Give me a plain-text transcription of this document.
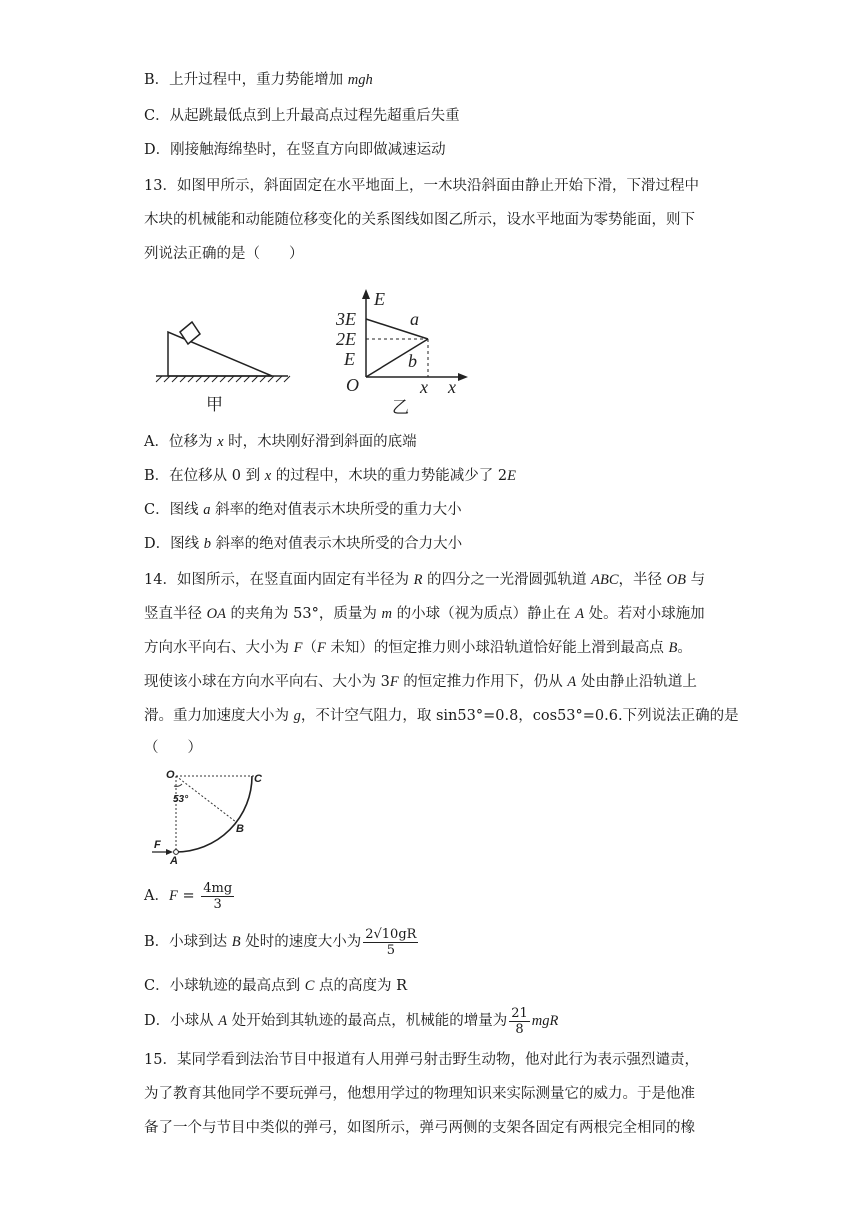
B．上升过程中，重力势能增加 mgh
C．从起跳最低点到上升最高点过程先超重后失重
D．刚接触海绵垫时，在竖直方向即做减速运动
13．如图甲所示，斜面固定在水平地面上，一木块沿斜面由静止开始下滑，下滑过程中
木块的机械能和动能随位移变化的关系图线如图乙所示，设水平地面为零势能面，则下
列说法正确的是（　　）
甲
E
3E
2E
E
O	x x
a
b
乙
A．位移为 x 时，木块刚好滑到斜面的底端
B．在位移从 0 到 x 的过程中，木块的重力势能减少了 2E
C．图线 a 斜率的绝对值表示木块所受的重力大小
D．图线 b 斜率的绝对值表示木块所受的合力大小
14．如图所示，在竖直面内固定有半径为 R 的四分之一光滑圆弧轨道 ABC，半径 OB 与
竖直半径 OA 的夹角为 53°，质量为 m 的小球（视为质点）静止在 A 处。若对小球施加
方向水平向右、大小为 F（F 未知）的恒定推力则小球沿轨道恰好能上滑到最高点 B。
现使该小球在方向水平向右、大小为 3F 的恒定推力作用下，仍从 A 处由静止沿轨道上
滑。重力加速度大小为 g，不计空气阻力，取 sin53°=0.8，cos53°=0.6.下列说法正确的是
（　　）
O	C
53°
B
F
A
A．$F = \frac{4mg}{3}$
B．小球到达 B 处时的速度大小为 $\frac{2√10gR}{5}$
C．小球轨迹的最高点到 C 点的高度为 R
D．小球从 A 处开始到其轨迹的最高点，机械能的增量为 $\frac{21}{8}$ mgR
15．某同学看到法治节目中报道有人用弹弓射击野生动物，他对此行为表示强烈谴责，
为了教育其他同学不要玩弹弓，他想用学过的物理知识来实际测量它的威力。于是他准
备了一个与节目中类似的弹弓，如图所示，弹弓两侧的支架各固定有两根完全相同的橡
